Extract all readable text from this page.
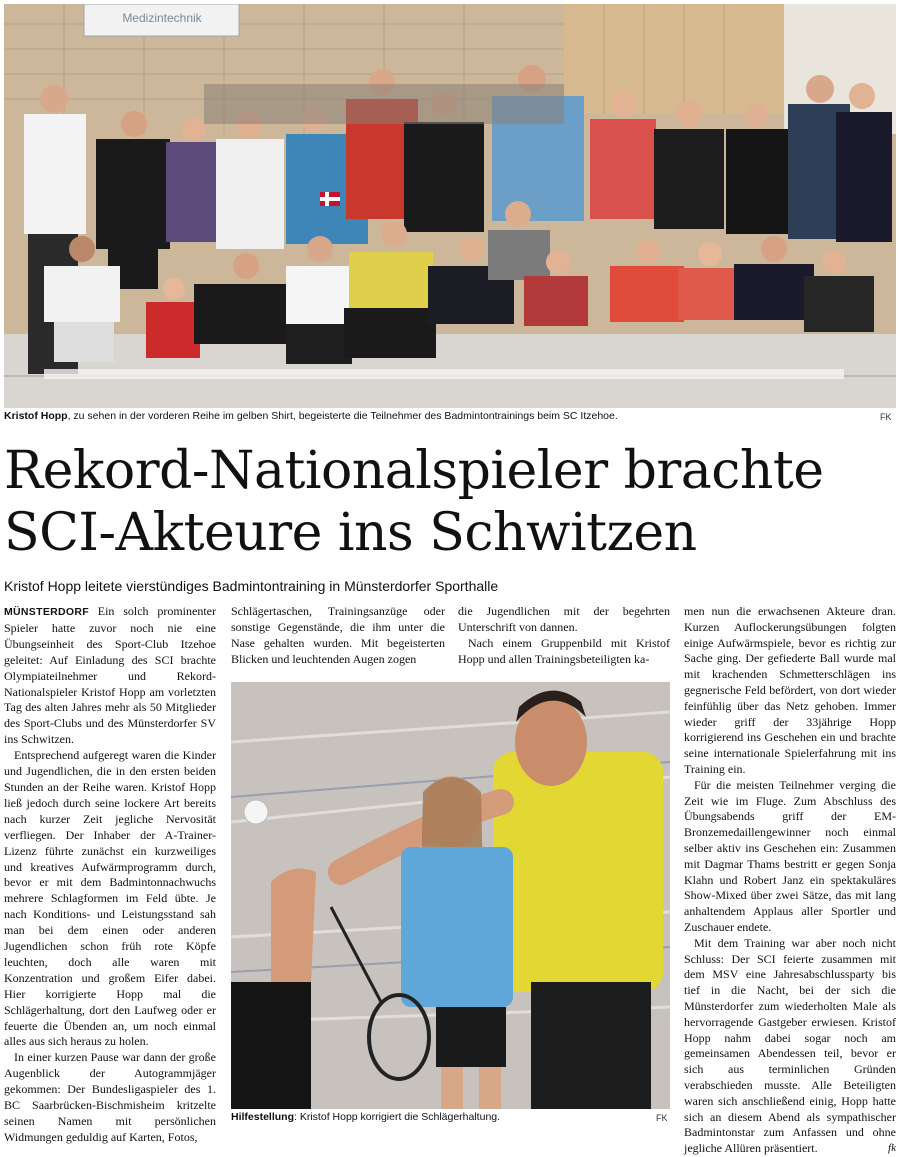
Medizintechnik
Kristof Hopp, zu sehen in der vorderen Reihe im gelben Shirt, begeisterte die Teilnehmer des Badmintontrainings beim SC Itzehoe.	FK
Rekord-Nationalspieler brachte
SCI-Akteure ins Schwitzen
Kristof Hopp leitete vierstündiges Badmintontraining in Münsterdorfer Sporthalle

MÜNSTERDORF Ein solch prominenter Spieler hatte zuvor noch nie eine Übungseinheit des Sport-Club Itzehoe geleitet: Auf Einladung des SCI brachte Olympiateilnehmer und Rekord-Nationalspieler Kristof Hopp am vorletzten Tag des alten Jahres mehr als 50 Mitglieder des Sport-Clubs und des Münsterdorfer SV ins Schwitzen.

Entsprechend aufgeregt waren die Kinder und Jugendlichen, die in den ersten beiden Stunden an der Reihe waren. Kristof Hopp ließ jedoch durch seine lockere Art bereits nach kurzer Zeit jegliche Nervosität verfliegen. Der Inhaber der A-Trainer-Lizenz führte zunächst ein kurzweiliges und kreatives Aufwärmprogramm durch, bevor er mit dem Badmintonnachwuchs mehrere Schlagformen im Feld übte. Je nach Konditions- und Leistungsstand sah man bei dem einen oder anderen Jugendlichen schon früh rote Köpfe leuchten, doch alle waren mit Konzentration und großem Eifer dabei. Hier korrigierte Hopp mal die Schlägerhaltung, dort den Laufweg oder er feuerte die Übenden an, um noch einmal alles aus sich heraus zu holen.

In einer kurzen Pause war dann der große Augenblick der Autogrammjäger gekommen: Der Bundesligaspieler des 1. BC Saarbrücken-Bischmisheim kritzelte seinen Namen mit persönlichen Widmungen geduldig auf Karten, Fotos,

Schlägertaschen, Trainingsanzüge oder sonstige Gegenstände, die ihm unter die Nase gehalten wurden. Mit begeisterten Blicken und leuchtenden Augen zogen

die Jugendlichen mit der begehrten Unterschrift von dannen.

Nach einem Gruppenbild mit Kristof Hopp und allen Trainingsbeteiligten ka-

men nun die erwachsenen Akteure dran. Kurzen Auflockerungsübungen folgten einige Aufwärmspiele, bevor es richtig zur Sache ging. Der gefiederte Ball wurde mal mit krachenden Schmetterschlägen ins gegnerische Feld befördert, von dort wieder feinfühlig über das Netz gehoben. Immer wieder griff der 33jährige Hopp korrigierend ins Geschehen ein und brachte seine internationale Spielerfahrung mit ins Training ein.

Für die meisten Teilnehmer verging die Zeit wie im Fluge. Zum Abschluss des Übungsabends griff der EM-Bronzemedaillengewinner noch einmal selber aktiv ins Geschehen ein: Zusammen mit Dagmar Thams bestritt er gegen Sonja Klahn und Robert Janz ein spektakuläres Show-Mixed über zwei Sätze, das mit lang anhaltendem Applaus aller Sportler und Zuschauer endete.

Mit dem Training war aber noch nicht Schluss: Der SCI feierte zusammen mit dem MSV eine Jahresabschlussparty bis tief in die Nacht, bei der sich die Münsterdorfer zum wiederholten Male als hervorragende Gastgeber erwiesen. Kristof Hopp nahm dabei sogar noch am gemeinsamen Abendessen teil, bevor er sich aus terminlichen Gründen verabschieden musste. Alle Beteiligten waren sich anschließend einig, Hopp hatte sich an diesem Abend als sympathischer Badmintonstar zum Anfassen und ohne jegliche Allüren präsentiert.	fk

Hilfestellung: Kristof Hopp korrigiert die Schlägerhaltung.	FK
